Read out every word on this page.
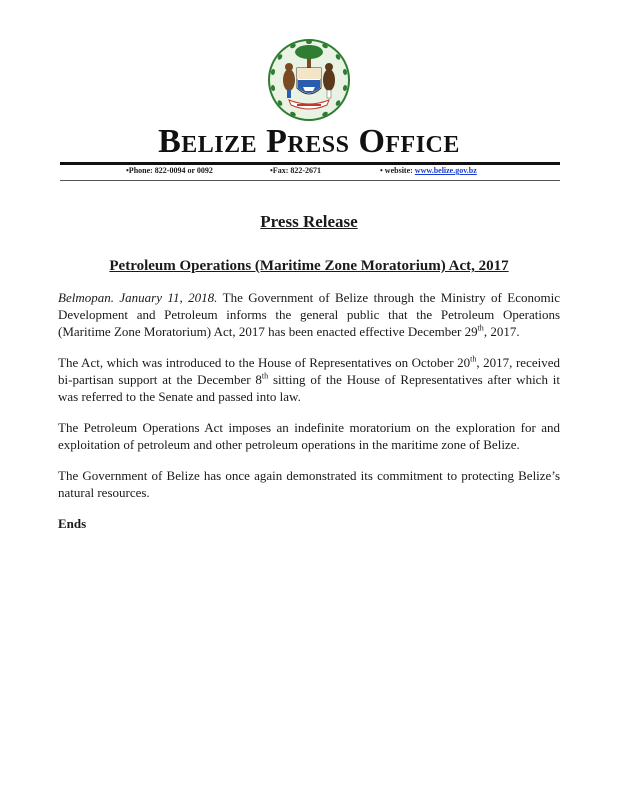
Belize Press Office
•Phone: 822-0094 or 0092	•Fax: 822-2671	• website: www.belize.gov.bz
Press Release
Petroleum Operations (Maritime Zone Moratorium) Act, 2017
Belmopan. January 11, 2018. The Government of Belize through the Ministry of Economic Development and Petroleum informs the general public that the Petroleum Operations (Maritime Zone Moratorium) Act, 2017 has been enacted effective December 29th, 2017.
The Act, which was introduced to the House of Representatives on October 20th, 2017, received bi-partisan support at the December 8th sitting of the House of Representatives after which it was referred to the Senate and passed into law.
The Petroleum Operations Act imposes an indefinite moratorium on the exploration for and exploitation of petroleum and other petroleum operations in the maritime zone of Belize.
The Government of Belize has once again demonstrated its commitment to protecting Belize’s natural resources.
Ends
